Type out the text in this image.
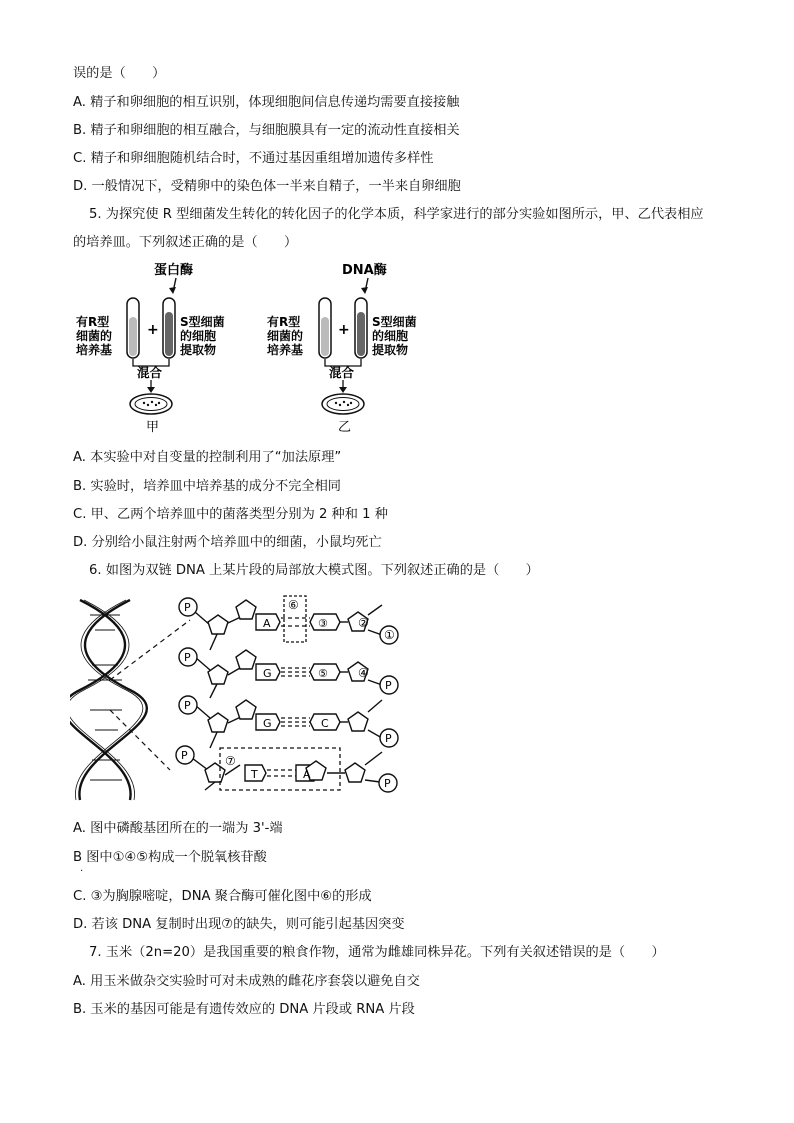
误的是（　　）
A. 精子和卵细胞的相互识别，体现细胞间信息传递均需要直接接触
B. 精子和卵细胞的相互融合，与细胞膜具有一定的流动性直接相关
C. 精子和卵细胞随机结合时，不通过基因重组增加遗传多样性
D. 一般情况下，受精卵中的染色体一半来自精子，一半来自卵细胞
5. 为探究使 R 型细菌发生转化的转化因子的化学本质，科学家进行的部分实验如图所示，甲、乙代表相应
的培养皿。下列叙述正确的是（　　）
蛋白酶
+
有R型
细菌的
培养基
S型细菌
的细胞
提取物
混合
甲
DNA酶
+
有R型
细菌的
培养基
S型细菌
的细胞
提取物
混合
乙
A. 本实验中对自变量的控制利用了“加法原理”
B. 实验时，培养皿中培养基的成分不完全相同
C. 甲、乙两个培养皿中的菌落类型分别为 2 种和 1 种
D. 分别给小鼠注射两个培养皿中的细菌，小鼠均死亡
6. 如图为双链 DNA 上某片段的局部放大模式图。下列叙述正确的是（　　）
P
P
P
P
A
G
G
T
⑥
③
⑤
C
A
②
④
①
P
P
P
⑦
A. 图中磷酸基团所在的一端为 3'-端
B 图中①④⑤构成一个脱氧核苷酸
.
C. ③为胸腺嘧啶，DNA 聚合酶可催化图中⑥的形成
D. 若该 DNA 复制时出现⑦的缺失，则可能引起基因突变
7. 玉米（2n=20）是我国重要的粮食作物，通常为雌雄同株异花。下列有关叙述错误的是（　　）
A. 用玉米做杂交实验时可对未成熟的雌花序套袋以避免自交
B. 玉米的基因可能是有遗传效应的 DNA 片段或 RNA 片段
